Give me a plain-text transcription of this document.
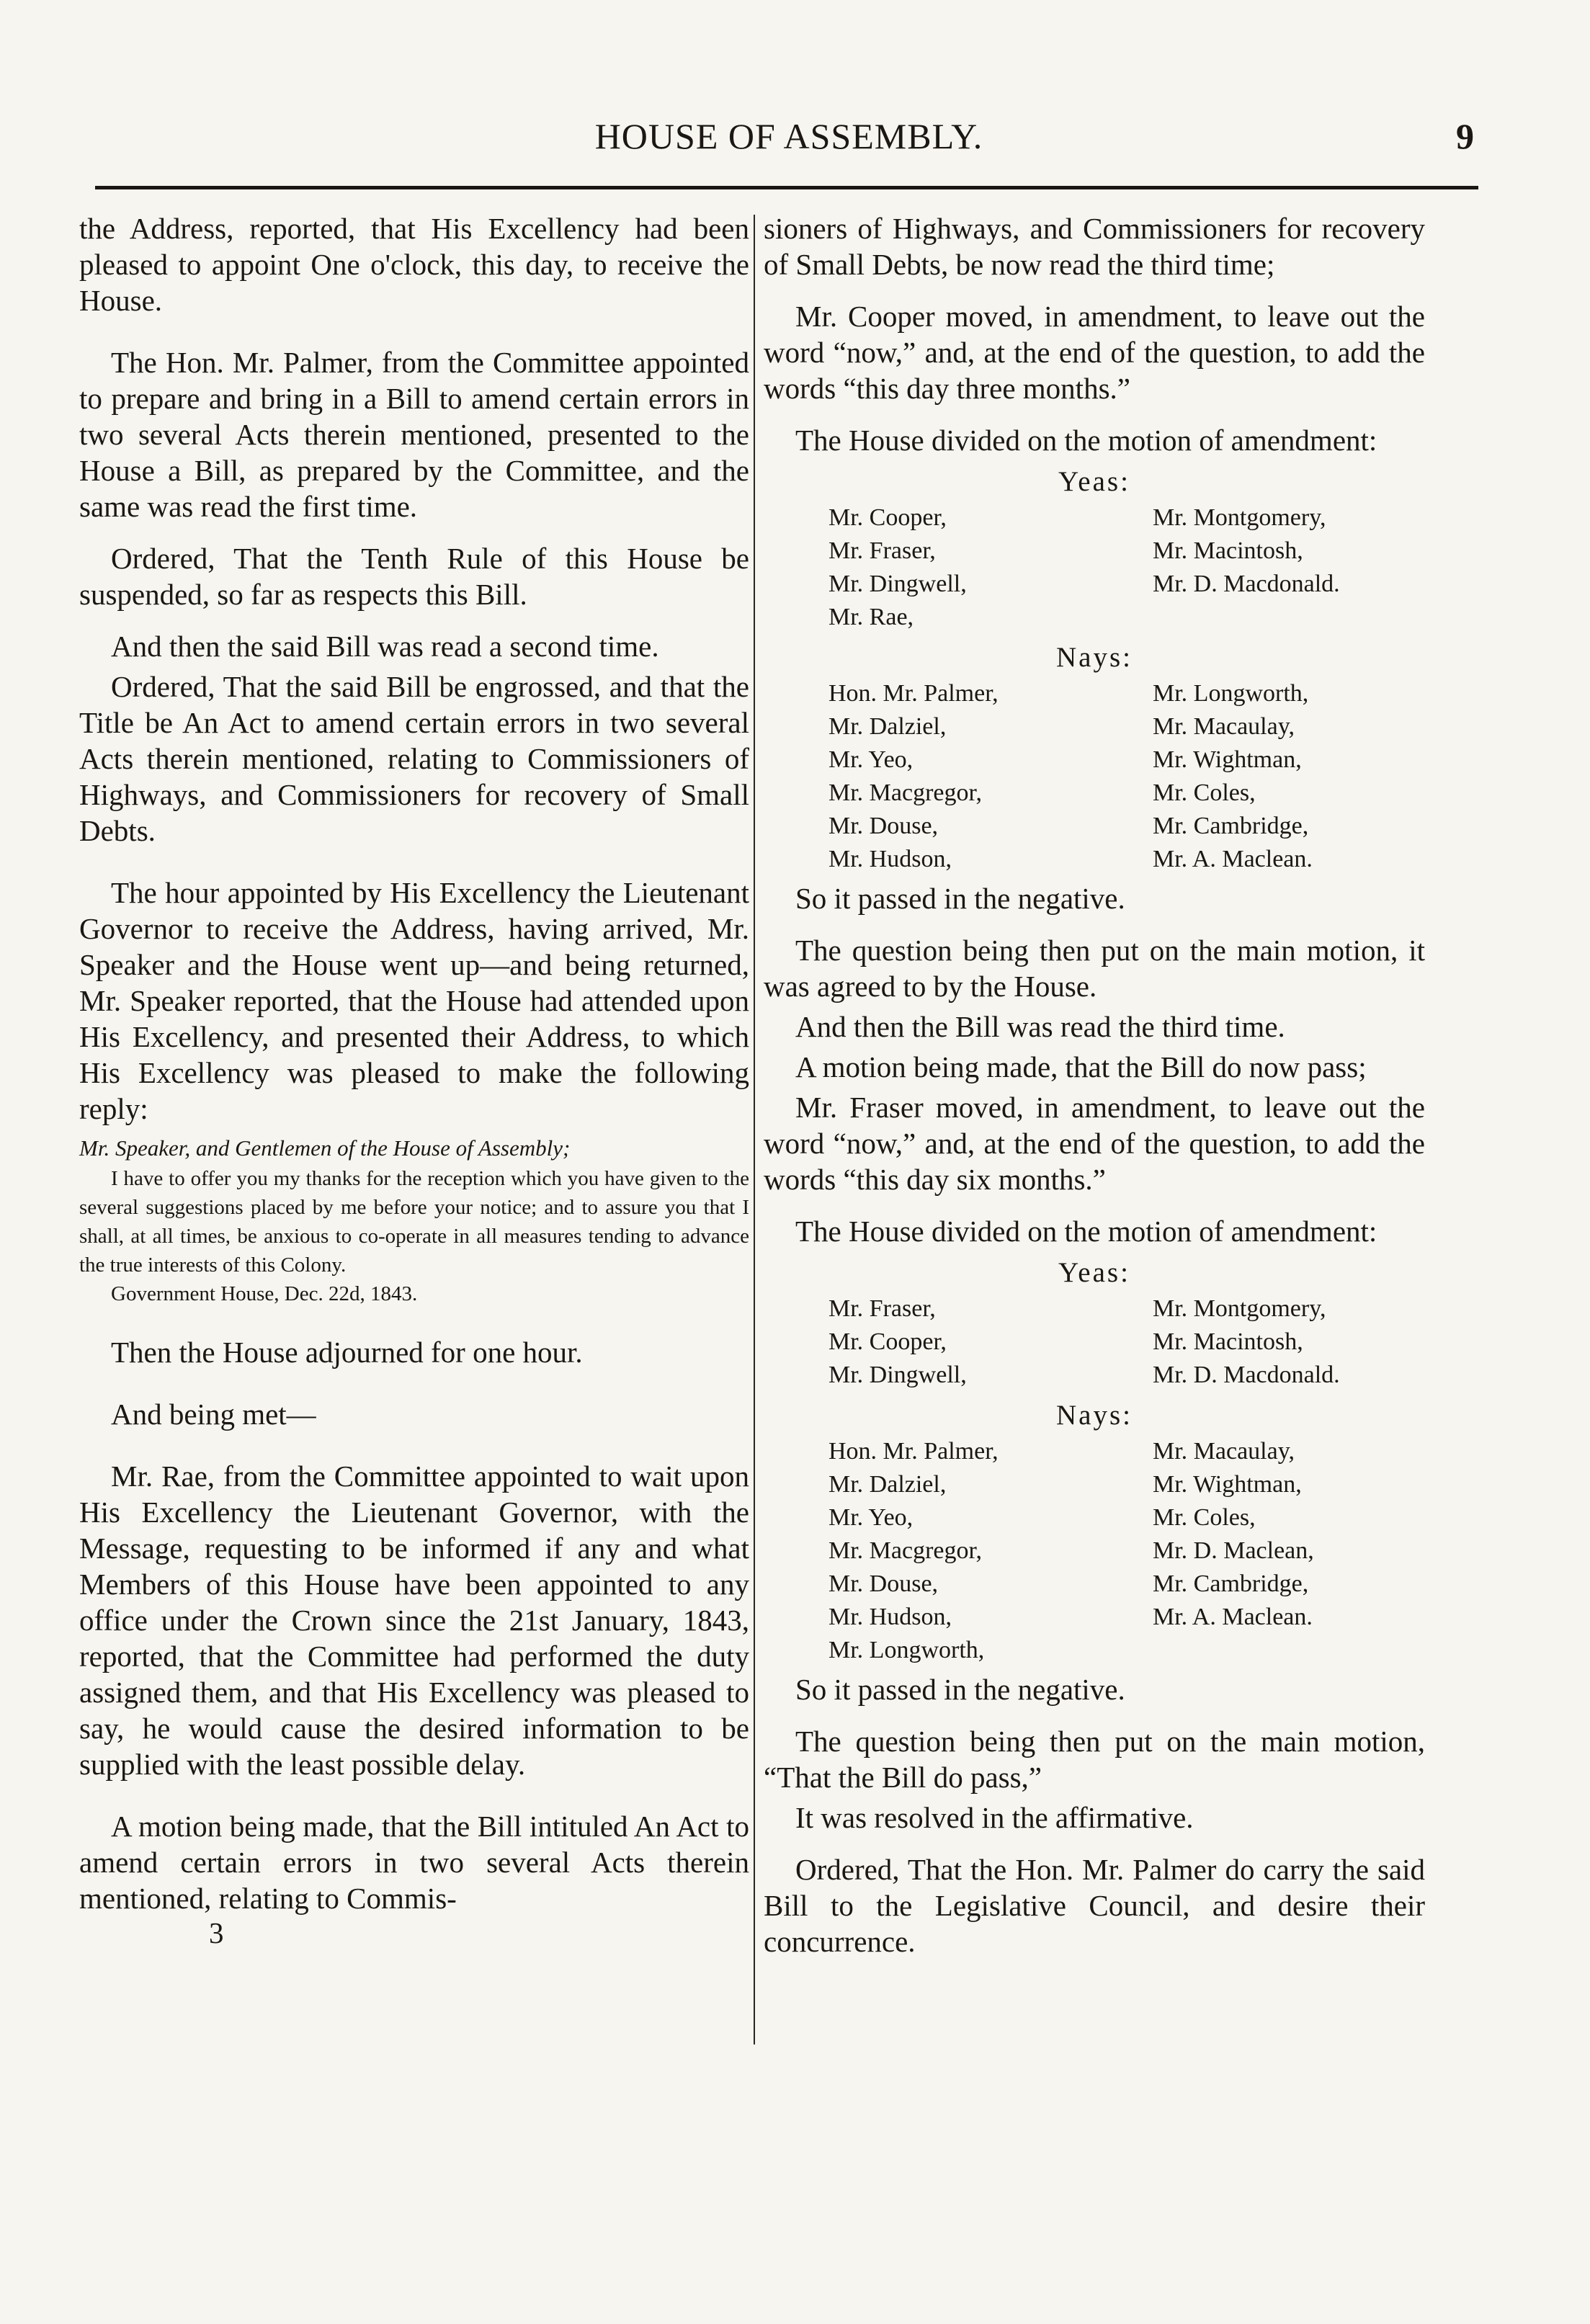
HOUSE OF ASSEMBLY.	9

the Address, reported, that His Excellency had been pleased to appoint One o'clock, this day, to receive the House.

The Hon. Mr. Palmer, from the Committee appointed to prepare and bring in a Bill to amend certain errors in two several Acts therein mentioned, presented to the House a Bill, as prepared by the Committee, and the same was read the first time.

Ordered, That the Tenth Rule of this House be suspended, so far as respects this Bill.

And then the said Bill was read a second time.

Ordered, That the said Bill be engrossed, and that the Title be An Act to amend certain errors in two several Acts therein mentioned, relating to Commissioners of Highways, and Commissioners for recovery of Small Debts.

The hour appointed by His Excellency the Lieutenant Governor to receive the Address, having arrived, Mr. Speaker and the House went up—and being returned, Mr. Speaker reported, that the House had attended upon His Excellency, and presented their Address, to which His Excellency was pleased to make the following reply:

Mr. Speaker, and Gentlemen of the House of Assembly;

I have to offer you my thanks for the reception which you have given to the several suggestions placed by me before your notice; and to assure you that I shall, at all times, be anxious to co-operate in all measures tending to advance the true interests of this Colony.

Government House, Dec. 22d, 1843.

Then the House adjourned for one hour.

And being met—

Mr. Rae, from the Committee appointed to wait upon His Excellency the Lieutenant Governor, with the Message, requesting to be informed if any and what Members of this House have been appointed to any office under the Crown since the 21st January, 1843, reported, that the Committee had performed the duty assigned them, and that His Excellency was pleased to say, he would cause the desired information to be supplied with the least possible delay.

A motion being made, that the Bill intituled An Act to amend certain errors in two several Acts therein mentioned, relating to Commis-

3

sioners of Highways, and Commissioners for recovery of Small Debts, be now read the third time;

Mr. Cooper moved, in amendment, to leave out the word “now,” and, at the end of the question, to add the words “this day three months.”

The House divided on the motion of amendment:

Yeas:
Mr. Cooper,	Mr. Montgomery,
Mr. Fraser,	Mr. Macintosh,
Mr. Dingwell,	Mr. D. Macdonald.
Mr. Rae,
Nays:
Hon. Mr. Palmer,	Mr. Longworth,
Mr. Dalziel,	Mr. Macaulay,
Mr. Yeo,	Mr. Wightman,
Mr. Macgregor,	Mr. Coles,
Mr. Douse,	Mr. Cambridge,
Mr. Hudson,	Mr. A. Maclean.

So it passed in the negative.

The question being then put on the main motion, it was agreed to by the House.

And then the Bill was read the third time.

A motion being made, that the Bill do now pass;

Mr. Fraser moved, in amendment, to leave out the word “now,” and, at the end of the question, to add the words “this day six months.”

The House divided on the motion of amendment:

Yeas:
Mr. Fraser,	Mr. Montgomery,
Mr. Cooper,	Mr. Macintosh,
Mr. Dingwell,	Mr. D. Macdonald.
Nays:
Hon. Mr. Palmer,	Mr. Macaulay,
Mr. Dalziel,	Mr. Wightman,
Mr. Yeo,	Mr. Coles,
Mr. Macgregor,	Mr. D. Maclean,
Mr. Douse,	Mr. Cambridge,
Mr. Hudson,	Mr. A. Maclean.
Mr. Longworth,

So it passed in the negative.

The question being then put on the main motion, “That the Bill do pass,”

It was resolved in the affirmative.

Ordered, That the Hon. Mr. Palmer do carry the said Bill to the Legislative Council, and desire their concurrence.
